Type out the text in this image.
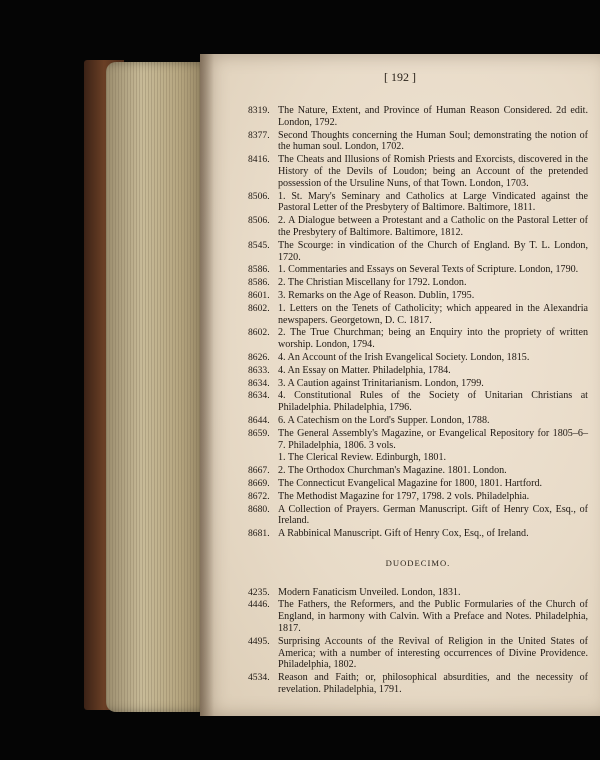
[ 192 ]
8319. The Nature, Extent, and Province of Human Reason Considered. 2d edit. London, 1792.
8377. Second Thoughts concerning the Human Soul; demonstrating the notion of the human soul. London, 1702.
8416. The Cheats and Illusions of Romish Priests and Exorcists, discovered in the History of the Devils of Loudon; being an Account of the pretended possession of the Ursuline Nuns, of that Town. London, 1703.
8506. 1. St. Mary's Seminary and Catholics at Large Vindicated against the Pastoral Letter of the Presbytery of Baltimore. Baltimore, 1811.
8506. 2. A Dialogue between a Protestant and a Catholic on the Pastoral Letter of the Presbytery of Baltimore. Baltimore, 1812.
8545. The Scourge: in vindication of the Church of England. By T. L. London, 1720.
8586. 1. Commentaries and Essays on Several Texts of Scripture. London, 1790.
8586. 2. The Christian Miscellany for 1792. London.
8601. 3. Remarks on the Age of Reason. Dublin, 1795.
8602. 1. Letters on the Tenets of Catholicity; which appeared in the Alexandria newspapers. Georgetown, D. C. 1817.
8602. 2. The True Churchman; being an Enquiry into the propriety of written worship. London, 1794.
8626. 4. An Account of the Irish Evangelical Society. London, 1815.
8633. 4. An Essay on Matter. Philadelphia, 1784.
8634. 3. A Caution against Trinitarianism. London, 1799.
8634. 4. Constitutional Rules of the Society of Unitarian Christians at Philadelphia. Philadelphia, 1796.
8644. 6. A Catechism on the Lord's Supper. London, 1788.
8659. The General Assembly's Magazine, or Evangelical Repository for 1805–6–7. Philadelphia, 1806. 3 vols.
1. The Clerical Review. Edinburgh, 1801.
8667. 2. The Orthodox Churchman's Magazine. 1801. London.
8669. The Connecticut Evangelical Magazine for 1800, 1801. Hartford.
8672. The Methodist Magazine for 1797, 1798. 2 vols. Philadelphia.
8680. A Collection of Prayers. German Manuscript. Gift of Henry Cox, Esq., of Ireland.
8681. A Rabbinical Manuscript. Gift of Henry Cox, Esq., of Ireland.
DUODECIMO.
4235. Modern Fanaticism Unveiled. London, 1831.
4446. The Fathers, the Reformers, and the Public Formularies of the Church of England, in harmony with Calvin. With a Preface and Notes. Philadelphia, 1817.
4495. Surprising Accounts of the Revival of Religion in the United States of America; with a number of interesting occurrences of Divine Providence. Philadelphia, 1802.
4534. Reason and Faith; or, philosophical absurdities, and the necessity of revelation. Philadelphia, 1791.
